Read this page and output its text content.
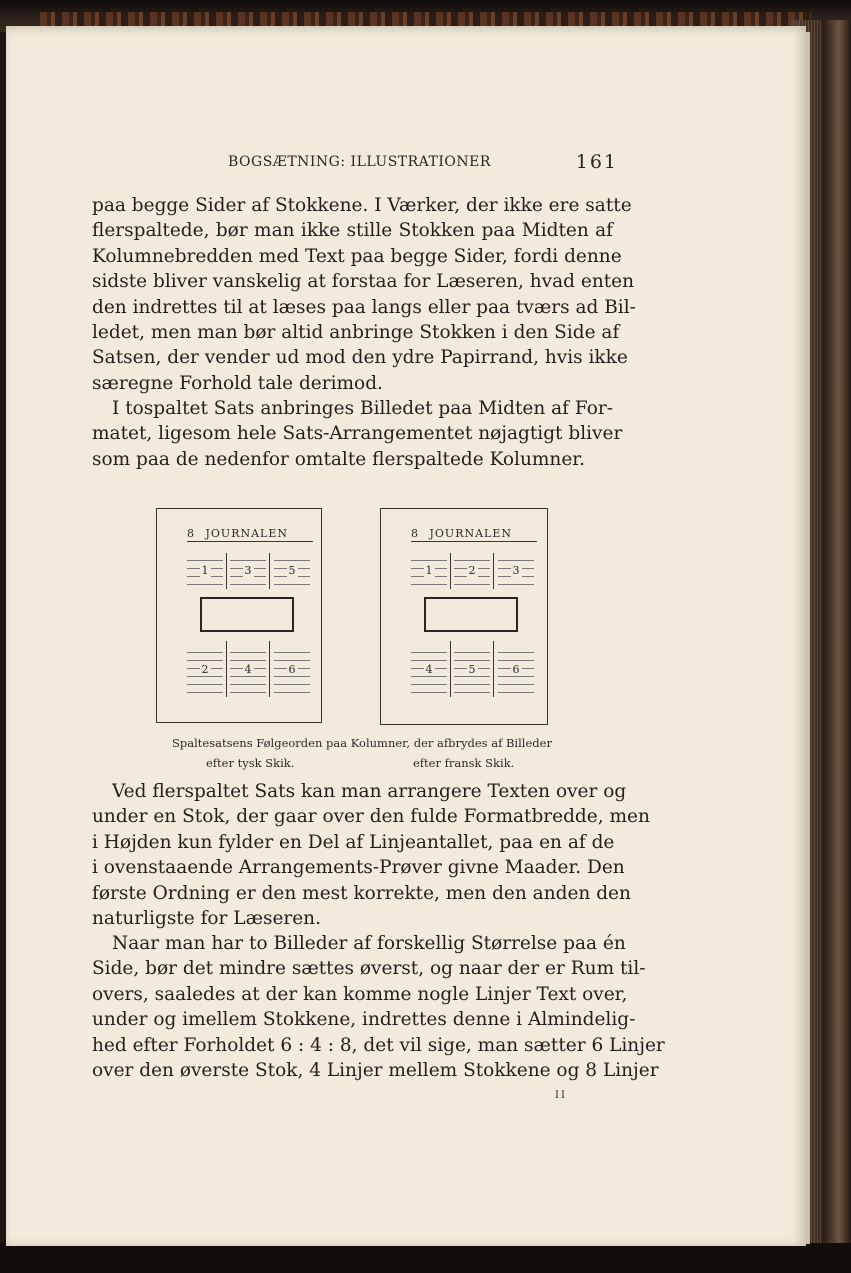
BOGSÆTNING: ILLUSTRATIONER	161
paa begge Sider af Stokkene. I Værker, der ikke ere satte
flerspaltede, bør man ikke stille Stokken paa Midten af
Kolumnebredden med Text paa begge Sider, fordi denne
sidste bliver vanskelig at forstaa for Læseren, hvad enten
den indrettes til at læses paa langs eller paa tværs ad Bil-
ledet, men man bør altid anbringe Stokken i den Side af
Satsen, der vender ud mod den ydre Papirrand, hvis ikke
særegne Forhold tale derimod.
I tospaltet Sats anbringes Billedet paa Midten af For-
matet, ligesom hele Sats-Arrangementet nøjagtigt bliver
som paa de nedenfor omtalte flerspaltede Kolumner.
8 JOURNALEN
1	3	5
2	4	6
8 JOURNALEN
1	2	3
4	5	6
Spaltesatsens Følgeorden paa Kolumner, der afbrydes af Billeder
efter tysk Skik.	efter fransk Skik.
Ved flerspaltet Sats kan man arrangere Texten over og
under en Stok, der gaar over den fulde Formatbredde, men
i Højden kun fylder en Del af Linjeantallet, paa en af de
i ovenstaaende Arrangements-Prøver givne Maader. Den
første Ordning er den mest korrekte, men den anden den
naturligste for Læseren.
Naar man har to Billeder af forskellig Størrelse paa én
Side, bør det mindre sættes øverst, og naar der er Rum til-
overs, saaledes at der kan komme nogle Linjer Text over,
under og imellem Stokkene, indrettes denne i Almindelig-
hed efter Forholdet 6 : 4 : 8, det vil sige, man sætter 6 Linjer
over den øverste Stok, 4 Linjer mellem Stokkene og 8 Linjer
II
